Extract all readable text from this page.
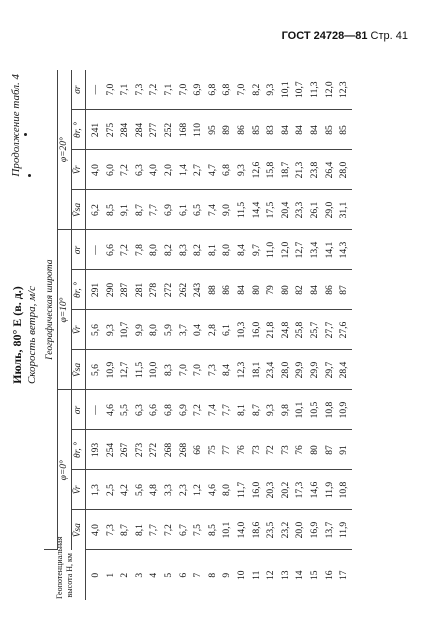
ГОСТ 24728—81 Стр. 41
Июль, 80° E (в. д.) Скорость ветра, м/с
Продолжение табл. 4
Геопотенциальная высота H, км	Географическая широта											
	φ=0°				φ=10°				φ=20°			
	V̄sa	V̄r	θr, °	σr	V̄sa	V̄r	θr, °	σr	V̄sa	V̄r	θr, °	σr
0	4,0	1,3	193	—	5,6	5,6	291	—	6,2	4,0	241	—
1	7,3	2,5	254	4,6	10,9	9,3	290	6,6	8,5	6,0	275	7,0
2	8,7	4,2	267	5,5	12,7	10,7	287	7,2	9,1	7,2	284	7,1
3	8,1	5,6	273	6,3	11,5	9,9	281	7,8	8,7	6,3	284	7,3
4	7,7	4,8	272	6,6	10,0	8,0	278	8,0	7,7	4,0	277	7,2
5	7,2	3,3	268	6,8	8,3	5,9	272	8,2	6,9	2,0	252	7,1
6	6,7	2,3	268	6,9	7,0	3,7	262	8,3	6,1	1,4	168	7,0
7	7,5	1,2	66	7,2	7,0	0,4	243	8,2	6,5	2,7	110	6,9
8	8,5	4,6	75	7,4	7,3	2,8	88	8,1	7,4	4,7	95	6,8
9	10,1	8,0	77	7,7	8,4	6,1	86	8,0	9,0	6,8	89	6,8
10	14,0	11,7	76	8,1	12,3	10,3	84	8,4	11,5	9,3	86	7,0
11	18,6	16,0	73	8,7	18,1	16,0	80	9,7	14,4	12,6	85	8,2
12	23,5	20,3	72	9,3	23,4	21,8	79	11,0	17,5	15,8	83	9,3
13	23,2	20,2	73	9,8	28,0	24,8	80	12,0	20,4	18,7	84	10,1
14	20,0	17,3	76	10,1	29,9	25,8	82	12,7	23,3	21,3	84	10,7
15	16,9	14,6	80	10,5	29,9	25,7	84	13,4	26,1	23,8	84	11,3
16	13,7	11,9	87	10,8	29,7	27,7	86	14,1	29,0	26,4	85	12,0
17	11,9	10,8	91	10,9	28,4	27,6	87	14,3	31,1	28,0	85	12,3
